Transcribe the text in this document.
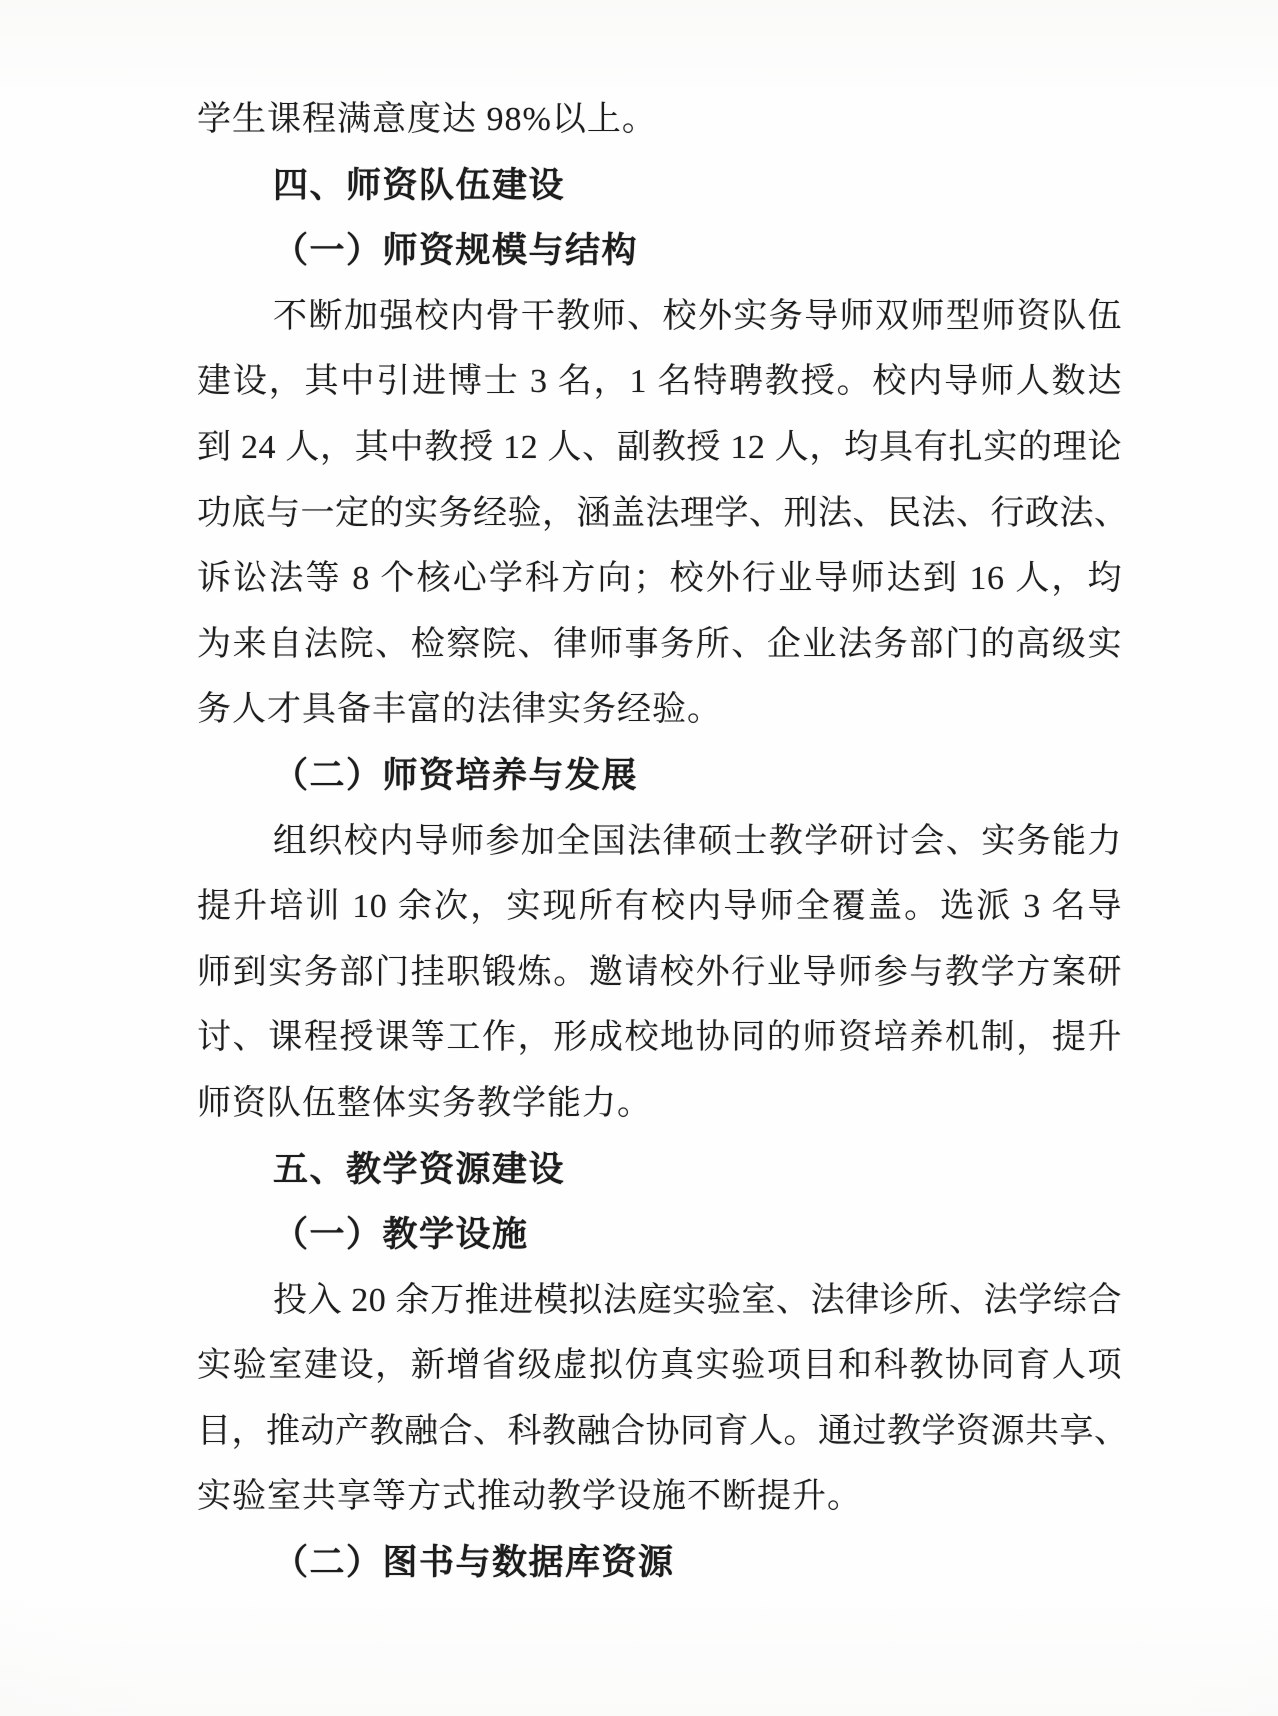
学生课程满意度达 98%以上。
四、师资队伍建设
（一）师资规模与结构
不断加强校内骨干教师、校外实务导师双师型师资队伍
建设，其中引进博士 3 名，1 名特聘教授。校内导师人数达
到 24 人，其中教授 12 人、副教授 12 人，均具有扎实的理论
功底与一定的实务经验，涵盖法理学、刑法、民法、行政法、
诉讼法等 8 个核心学科方向；校外行业导师达到 16 人，均
为来自法院、检察院、律师事务所、企业法务部门的高级实
务人才具备丰富的法律实务经验。
（二）师资培养与发展
组织校内导师参加全国法律硕士教学研讨会、实务能力
提升培训 10 余次，实现所有校内导师全覆盖。选派 3 名导
师到实务部门挂职锻炼。邀请校外行业导师参与教学方案研
讨、课程授课等工作，形成校地协同的师资培养机制，提升
师资队伍整体实务教学能力。
五、教学资源建设
（一）教学设施
投入 20 余万推进模拟法庭实验室、法律诊所、法学综合
实验室建设，新增省级虚拟仿真实验项目和科教协同育人项
目，推动产教融合、科教融合协同育人。通过教学资源共享、
实验室共享等方式推动教学设施不断提升。
（二）图书与数据库资源
